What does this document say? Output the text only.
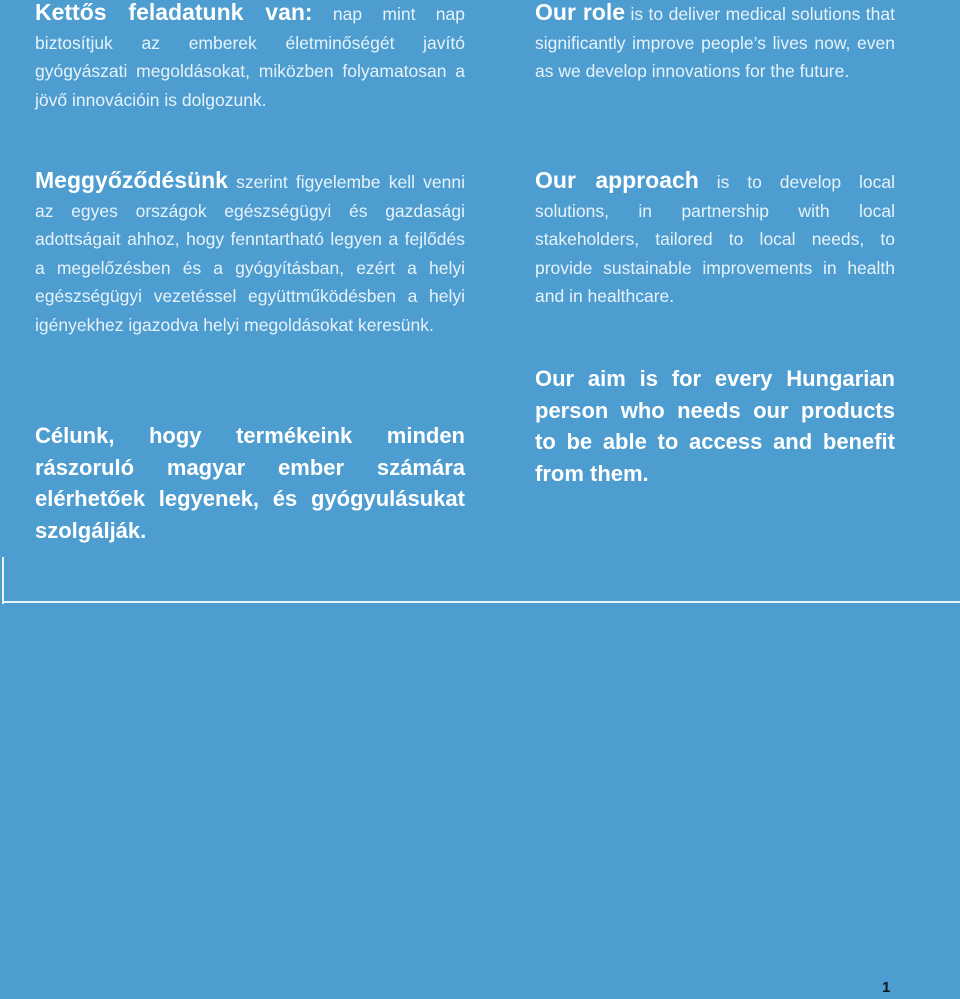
Kettős feladatunk van: nap mint nap biztosítjuk az emberek életminőségét javító gyógyászati megoldásokat, miközben folyamatosan a jövő innovációin is dolgozunk.

Our role is to deliver medical solutions that significantly improve people’s lives now, even as we develop innovations for the future.

Meggyőződésünk szerint figyelembe kell venni az egyes országok egészségügyi és gazdasági adottságait ahhoz, hogy fenntartható legyen a fejlődés a megelőzésben és a gyógyításban, ezért a helyi egészségügyi vezetéssel együttműködésben a helyi igényekhez igazodva helyi megoldásokat keresünk.

Our approach is to develop local solutions, in partnership with local stakeholders, tailored to local needs, to provide sustainable improvements in health and in healthcare.

Célunk, hogy termékeink minden rászoruló magyar ember számára elérhetőek legyenek, és gyógyulásukat szolgálják.

Our aim is for every Hungarian person who needs our products to be able to access and benefit from them.

1
